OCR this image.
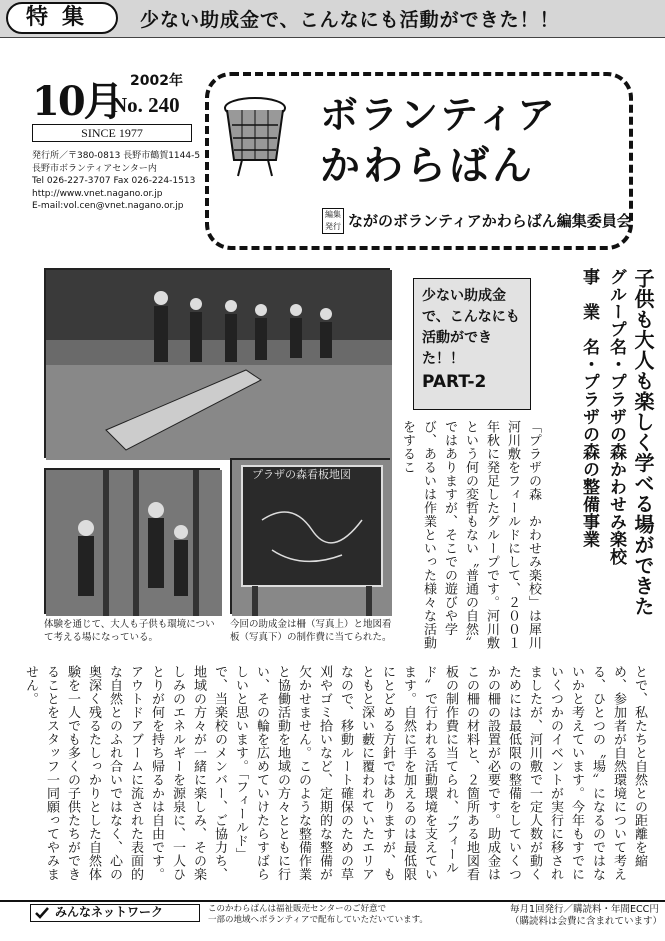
特集	少ない助成金で、こんなにも活動ができた！！
10月 2002年
No. 240
SINCE 1977
発行所／〒380-0813 長野市鶴賀1144-5
長野市ボランティアセンター内
Tel 026-227-3707 Fax 026-224-1513
http://www.vnet.nagano.or.jp
E-mail:vol.cen@vnet.nagano.or.jp
ボランティア
かわらばん
編集発行 ながのボランティアかわらばん編集委員会
プラザの森看板地図
体験を通じて、大人も子供も環境について考える場になっている。
今回の助成金は柵（写真上）と地図看板（写真下）の制作費に当てられた。
少ない助成金で、こんなにも活動ができた！！
PART-2	子供も大人も楽しく学べる場ができた
グループ名・プラザの森かわせみ楽校
事　業　名・プラザの森の整備事業
「プラザの森　かわせみ楽校」は犀川河川敷をフィールドにして、２００１年秋に発足したグループです。河川敷という何の変哲もない〝普通の自然〟ではありますが、そこでの遊びや学び、あるいは作業といった様々な活動をするこ
とで、私たちと自然との距離を縮め、参加者が自然環境について考える、ひとつの〝場〟になるのではないかと考えています。今年もすでにいくつかのイベントが実行に移されましたが、河川敷で一定人数が動くためには最低限の整備をしていくつかの柵の設置が必要です。助成金はこの柵の材料と、２箇所ある地図看板の制作費に当てられ、〝フィールド〟で行われる活動環境を支えています。自然に手を加えるのは最低限にとどめる方針ではありますが、もともと深い藪に覆われていたエリアなので、移動ルート確保のための草刈やゴミ拾いなど、定期的な整備が欠かせません。このような整備作業と協働活動を地域の方々とともに行い、その輪を広めていけたらすばらしいと思います。「フィールド」で、当楽校のメンバー、ご協力ち、地域の方々が一緒に楽しみ、その楽しみのエネルギーを源泉に、一人ひとりが何を持ち帰るかは自由です。アウトドアブームに流された表面的な自然とのふれ合いではなく、心の奥深く残るたしっかりとした自然体験を一人でも多くの子供たちができることをスタッフ一同願ってやみません。
みんなネットワーク	このかわらばんは福祉販売センターのご好意で
一部の地域へボランティアで配布していただいています。
毎月1回発行／購読料・年間ECC円
（購読料は会費に含まれています）
